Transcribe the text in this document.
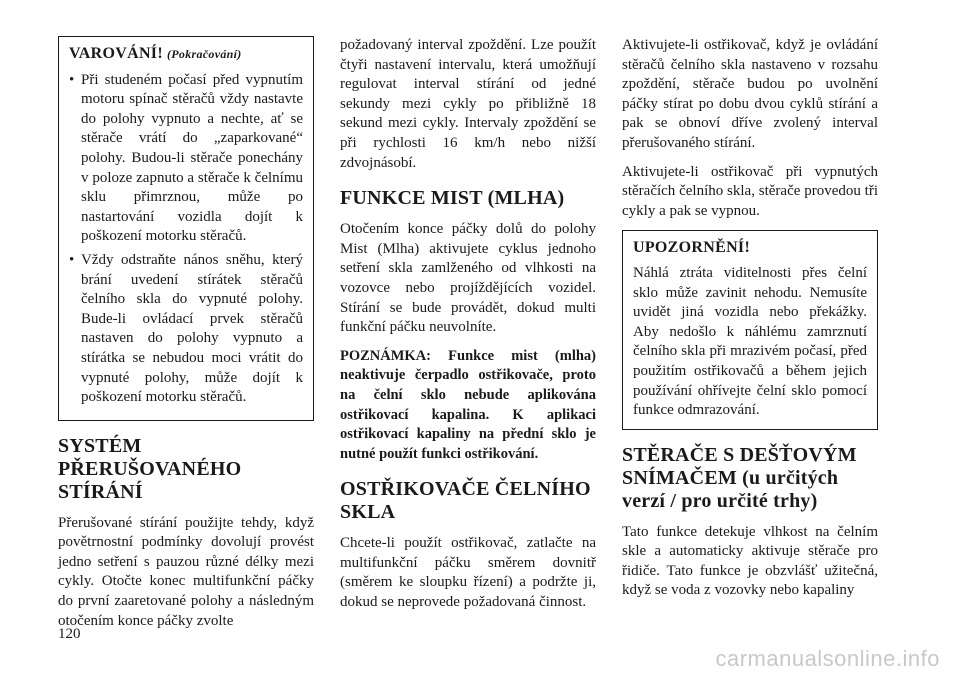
VAROVÁNÍ! (Pokračování)
• Při studeném počasí před vypnutím motoru spínač stěračů vždy nastavte do polohy vypnuto a nechte, ať se stěrače vrátí do „zaparkované“ polohy. Budou-li stěrače ponechány v poloze zapnuto a stěrače k čelnímu sklu přimrznou, může po nastartování vozidla dojít k poškození motorku stěračů.
• Vždy odstraňte nános sněhu, který brání uvedení stírátek stěračů čelního skla do vypnuté polohy. Bude-li ovládací prvek stěračů nastaven do polohy vypnuto a stírátka se nebudou moci vrátit do vypnuté polohy, může dojít k poškození motorku stěračů.
SYSTÉM PŘERUŠOVANÉHO STÍRÁNÍ

Přerušované stírání použijte tehdy, když povětrnostní podmínky dovolují provést jedno setření s pauzou různé délky mezi cykly. Otočte konec multifunkční páčky do první zaaretované polohy a následným otočením konce páčky zvolte

požadovaný interval zpoždění. Lze použít čtyři nastavení intervalu, která umožňují regulovat interval stírání od jedné sekundy mezi cykly po přibližně 18 sekund mezi cykly. Intervaly zpoždění se při rychlosti 16 km/h nebo nižší zdvojnásobí.

FUNKCE MIST (MLHA)

Otočením konce páčky dolů do polohy Mist (Mlha) aktivujete cyklus jednoho setření skla zamlženého od vlhkosti na vozovce nebo projíždějících vozidel. Stírání se bude provádět, dokud multi funkční páčku neuvolníte.

POZNÁMKA: Funkce mist (mlha) neaktivuje čerpadlo ostřikovače, proto na čelní sklo nebude aplikována ostřikovací kapalina. K aplikaci ostřikovací kapaliny na přední sklo je nutné použít funkci ostřikování.

OSTŘIKOVAČE ČELNÍHO SKLA

Chcete-li použít ostřikovač, zatlačte na multifunkční páčku směrem dovnitř (směrem ke sloupku řízení) a podržte ji, dokud se neprovede požadovaná činnost.

Aktivujete-li ostřikovač, když je ovládání stěračů čelního skla nastaveno v rozsahu zpoždění, stěrače budou po uvolnění páčky stírat po dobu dvou cyklů stírání a pak se obnoví dříve zvolený interval přerušovaného stírání.

Aktivujete-li ostřikovač při vypnutých stěračích čelního skla, stěrače provedou tři cykly a pak se vypnou.

UPOZORNĚNÍ!

Náhlá ztráta viditelnosti přes čelní sklo může zavinit nehodu. Nemusíte uvidět jiná vozidla nebo překážky. Aby nedošlo k náhlému zamrznutí čelního skla při mrazivém počasí, před použitím ostřikovačů a během jejich používání ohřívejte čelní sklo pomocí funkce odmrazování.

STĚRAČE S DEŠŤOVÝM SNÍMAČEM (u určitých verzí / pro určité trhy)

Tato funkce detekuje vlhkost na čelním skle a automaticky aktivuje stěrače pro řidiče. Tato funkce je obzvlášť užitečná, když se voda z vozovky nebo kapaliny

120
carmanualsonline.info
